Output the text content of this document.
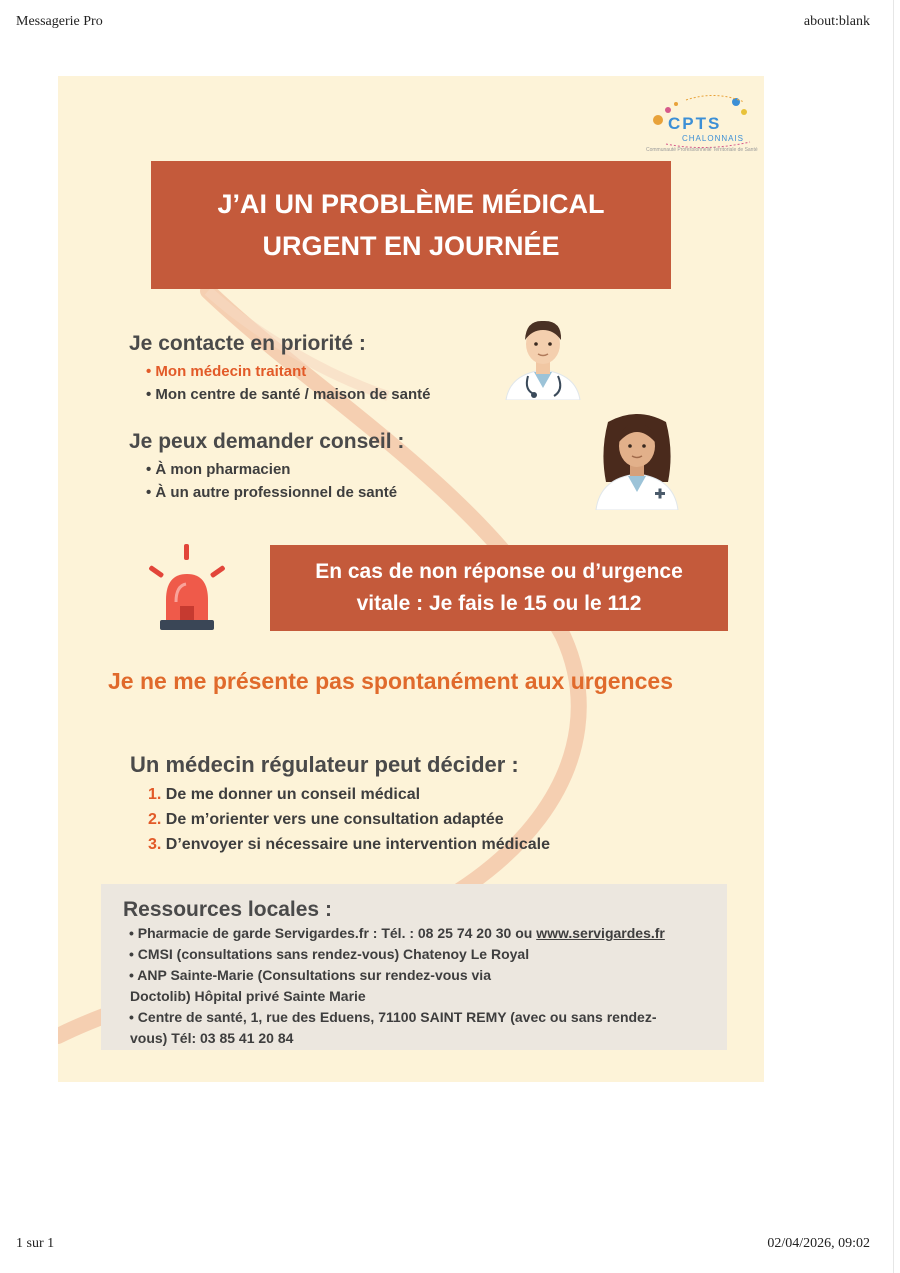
Messagerie Pro	about:blank
CPTS
CHALONNAIS
Communauté Professionnelle Territoriale de Santé
J’AI UN PROBLÈME MÉDICAL
URGENT EN JOURNÉE
Je contacte en priorité :
• Mon médecin traitant
• Mon centre de santé / maison de santé
Je peux demander conseil :
• À mon pharmacien
• À un autre professionnel de santé
En cas de non réponse ou d’urgence
vitale : Je fais le 15 ou le 112
Je ne me présente pas spontanément aux urgences
Un médecin régulateur peut décider :
1. De me donner un conseil médical
2. De m’orienter vers une consultation adaptée
3. D’envoyer si nécessaire une intervention médicale
Ressources locales :
• Pharmacie de garde Servigardes.fr : Tél. : 08 25 74 20 30 ou www.servigardes.fr
• CMSI (consultations sans rendez-vous) Chatenoy Le Royal
• ANP Sainte-Marie (Consultations sur rendez-vous via
Doctolib) Hôpital privé Sainte Marie
• Centre de santé, 1, rue des Eduens, 71100 SAINT REMY (avec ou sans rendez-
vous) Tél: 03 85 41 20 84
1 sur 1	02/04/2026, 09:02
